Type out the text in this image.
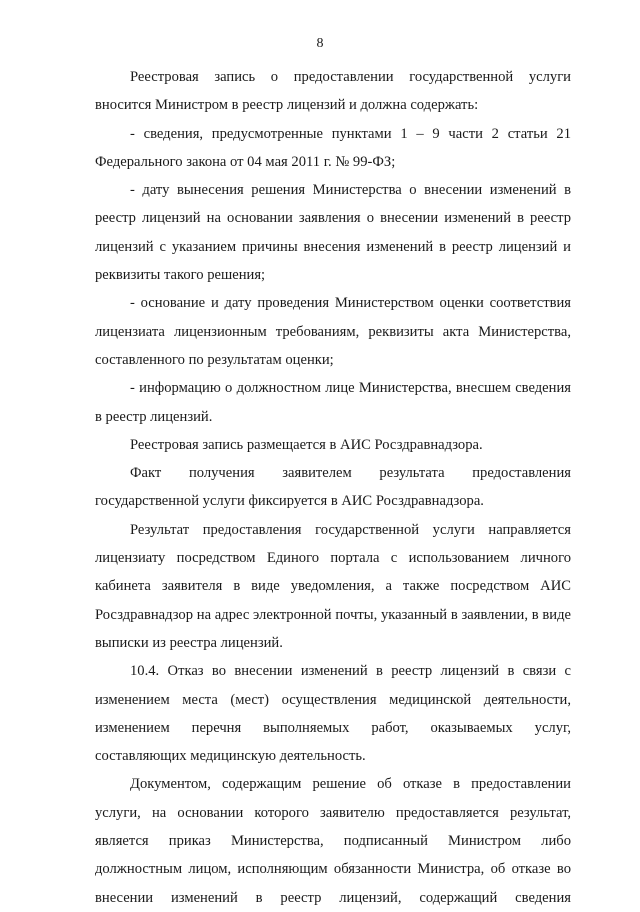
8

Реестровая запись о предоставлении государственной услуги вносится Министром в реестр лицензий и должна содержать:

- сведения, предусмотренные пунктами 1 – 9 части 2 статьи 21 Федерального закона от 04 мая 2011 г. № 99-ФЗ;

- дату вынесения решения Министерства о внесении изменений в реестр лицензий на основании заявления о внесении изменений в реестр лицензий с указанием причины внесения изменений в реестр лицензий и реквизиты такого решения;

- основание и дату проведения Министерством оценки соответствия лицензиата лицензионным требованиям, реквизиты акта Министерства, составленного по результатам оценки;

- информацию о должностном лице Министерства, внесшем сведения в реестр лицензий.

Реестровая запись размещается в АИС Росздравнадзора.

Факт получения заявителем результата предоставления государственной услуги фиксируется в АИС Росздравнадзора.

Результат предоставления государственной услуги направляется лицензиату посредством Единого портала с использованием личного кабинета заявителя в виде уведомления, а также посредством АИС Росздравнадзор на адрес электронной почты, указанный в заявлении, в виде выписки из реестра лицензий.

10.4. Отказ во внесении изменений в реестр лицензий в связи с изменением места (мест) осуществления медицинской деятельности, изменением перечня выполняемых работ, оказываемых услуг, составляющих медицинскую деятельность.

Документом, содержащим решение об отказе в предоставлении услуги, на основании которого заявителю предоставляется результат, является приказ Министерства, подписанный Министром либо должностным лицом, исполняющим обязанности Министра, об отказе во внесении изменений в реестр лицензий, содержащий сведения
